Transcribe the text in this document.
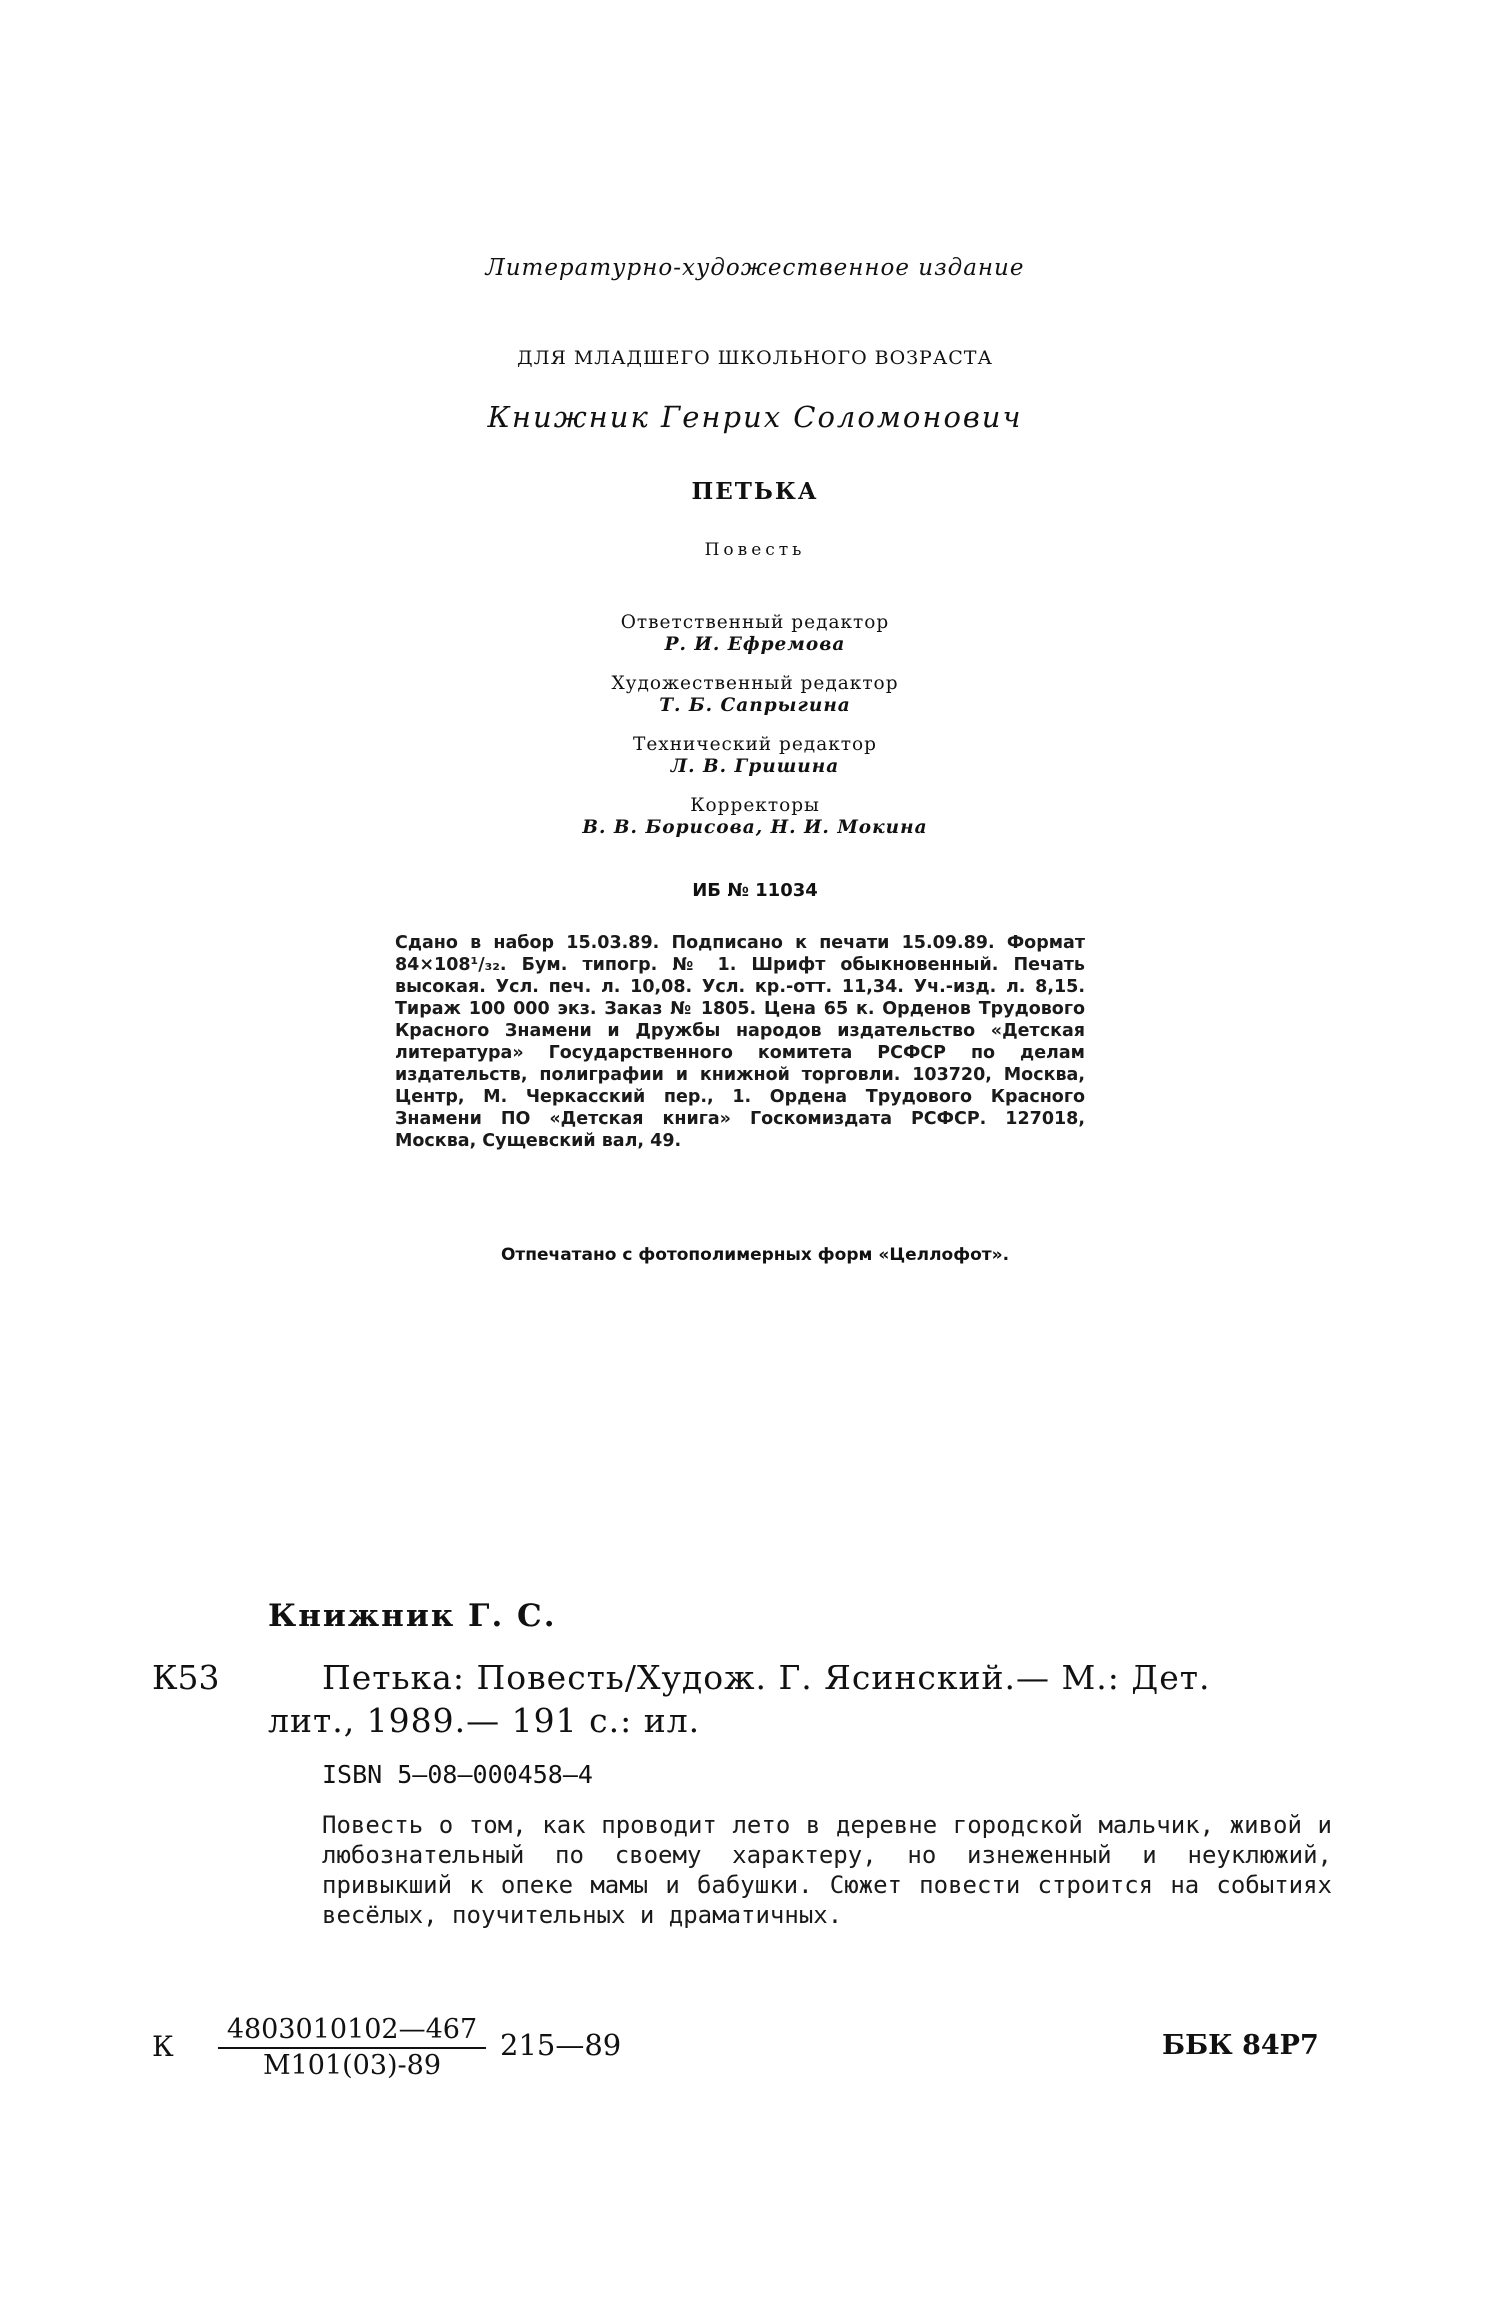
Литературно-художественное издание
ДЛЯ МЛАДШЕГО ШКОЛЬНОГО ВОЗРАСТА
Книжник Генрих Соломонович
ПЕТЬКА
Повесть
Ответственный редактор
Р. И. Ефремова
Художественный редактор
Т. Б. Сапрыгина
Технический редактор
Л. В. Гришина
Корректоры
В. В. Борисова, Н. И. Мокина
ИБ № 11034
Сдано в набор 15.03.89. Подписано к печати 15.09.89. Формат 84×108¹/₃₂. Бум. типогр. № 1. Шрифт обыкновенный. Печать высокая. Усл. печ. л. 10,08. Усл. кр.-отт. 11,34. Уч.-изд. л. 8,15. Тираж 100 000 экз. Заказ № 1805. Цена 65 к. Орденов Трудового Красного Знамени и Дружбы народов издательство «Детская литература» Государственного комитета РСФСР по делам издательств, полиграфии и книжной торговли. 103720, Москва, Центр, М. Черкасский пер., 1. Ордена Трудового Красного Знамени ПО «Детская книга» Госкомиздата РСФСР. 127018, Москва, Сущевский вал, 49.
Отпечатано с фотополимерных форм «Целлофот».
Книжник Г. С.
К53	Петька: Повесть/Худож. Г. Ясинский.— М.: Дет.
лит., 1989.— 191 с.: ил.
ISBN 5–08–000458–4
Повесть о том, как проводит лето в деревне городской мальчик, живой и любознательный по своему характеру, но изнеженный и неуклюжий, привыкший к опеке мамы и бабушки. Сюжет повести строится на событиях весёлых, поучительных и драматичных.
К
4803010102—467
М101(03)-89
215—89	ББК 84Р7
